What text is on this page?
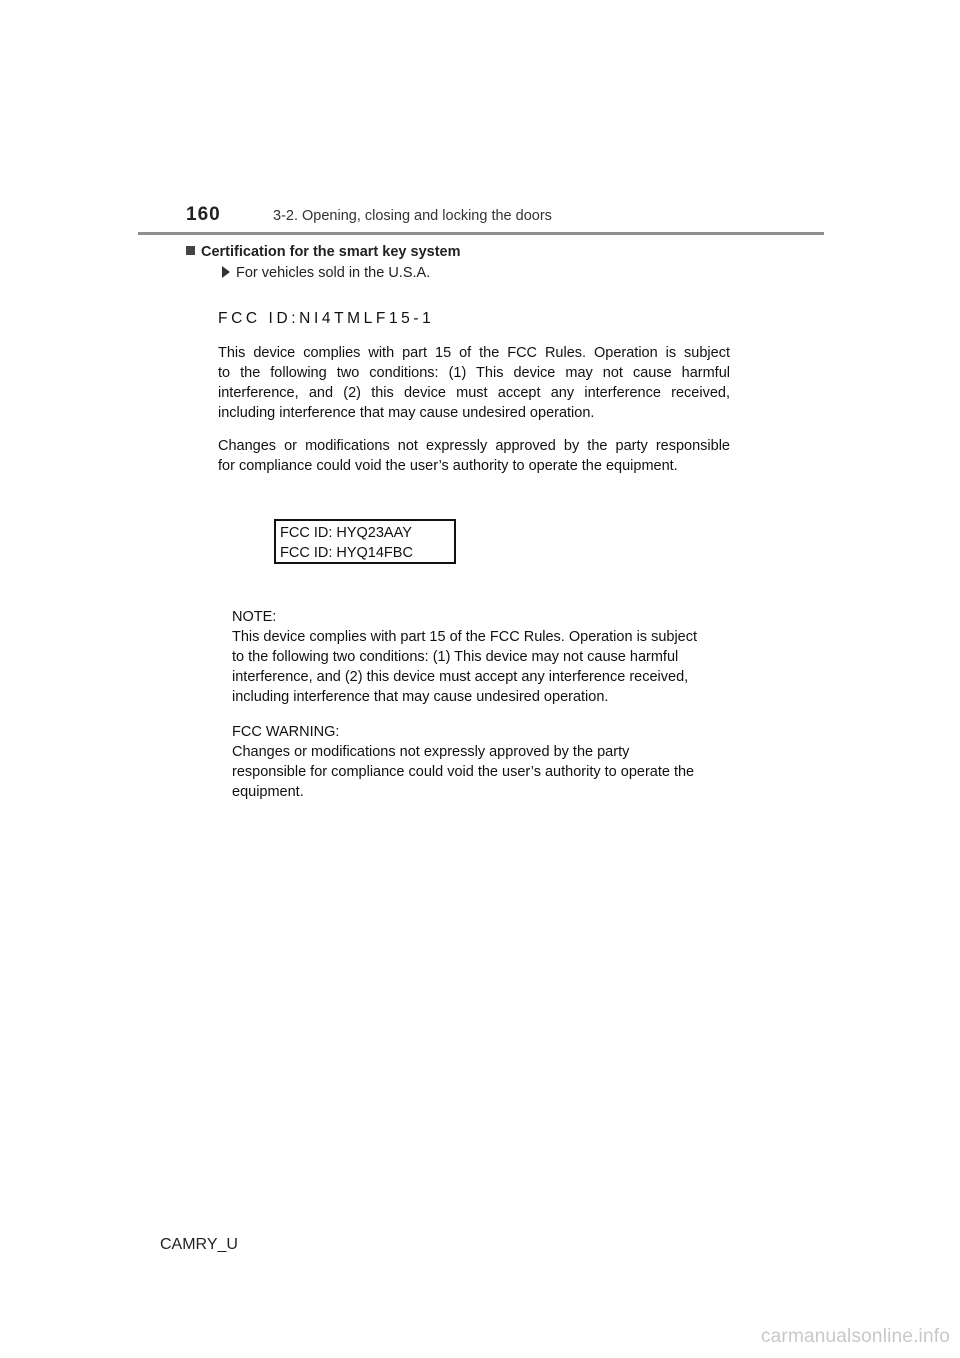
160	3-2. Opening, closing and locking the doors
Certification for the smart key system
For vehicles sold in the U.S.A.
FCC ID:NI4TMLF15-1
This device complies with part 15 of the FCC Rules. Operation is subject
to the following two conditions: (1) This device may not cause harmful
interference, and (2) this device must accept any interference received,
including interference that may cause undesired operation.
Changes or modifications not expressly approved by the party responsible
for compliance could void the user’s authority to operate the equipment.
FCC ID: HYQ23AAY
FCC ID: HYQ14FBC
NOTE:
This device complies with part 15 of the FCC Rules. Operation is subject
to the following two conditions: (1) This device may not cause harmful
interference, and (2) this device must accept any interference received,
including interference that may cause undesired operation.
FCC WARNING:
Changes or modifications not expressly approved by the party
responsible for compliance could void the user’s authority to operate the
equipment.
CAMRY_U
carmanualsonline.info
